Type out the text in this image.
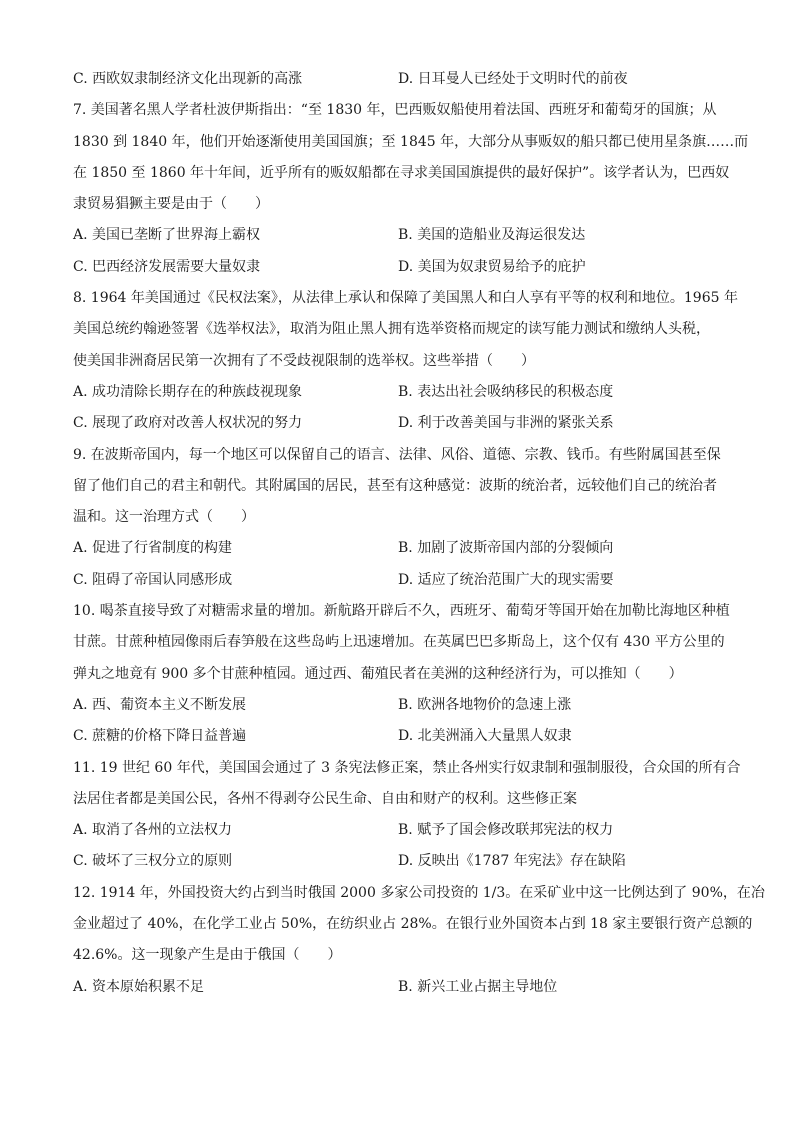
C. 西欧奴隶制经济文化出现新的高涨	D. 日耳曼人已经处于文明时代的前夜
7. 美国著名黑人学者杜波伊斯指出：“至 1830 年，巴西贩奴船使用着法国、西班牙和葡萄牙的国旗；从
1830 到 1840 年，他们开始逐渐使用美国国旗；至 1845 年，大部分从事贩奴的船只都已使用星条旗……而
在 1850 至 1860 年十年间，近乎所有的贩奴船都在寻求美国国旗提供的最好保护”。该学者认为，巴西奴
隶贸易猖獗主要是由于（　　）
A. 美国已垄断了世界海上霸权	B. 美国的造船业及海运很发达
C. 巴西经济发展需要大量奴隶	D. 美国为奴隶贸易给予的庇护
8. 1964 年美国通过《民权法案》，从法律上承认和保障了美国黑人和白人享有平等的权利和地位。1965 年
美国总统约翰逊签署《选举权法》，取消为阻止黑人拥有选举资格而规定的读写能力测试和缴纳人头税，
使美国非洲裔居民第一次拥有了不受歧视限制的选举权。这些举措（　　）
A. 成功清除长期存在的种族歧视现象	B. 表达出社会吸纳移民的积极态度
C. 展现了政府对改善人权状况的努力	D. 利于改善美国与非洲的紧张关系
9. 在波斯帝国内，每一个地区可以保留自己的语言、法律、风俗、道德、宗教、钱币。有些附属国甚至保
留了他们自己的君主和朝代。其附属国的居民，甚至有这种感觉：波斯的统治者，远较他们自己的统治者
温和。这一治理方式（　　）
A. 促进了行省制度的构建	B. 加剧了波斯帝国内部的分裂倾向
C. 阻碍了帝国认同感形成	D. 适应了统治范围广大的现实需要
10. 喝茶直接导致了对糖需求量的增加。新航路开辟后不久，西班牙、葡萄牙等国开始在加勒比海地区种植
甘蔗。甘蔗种植园像雨后春笋般在这些岛屿上迅速增加。在英属巴巴多斯岛上，这个仅有 430 平方公里的
弹丸之地竟有 900 多个甘蔗种植园。通过西、葡殖民者在美洲的这种经济行为，可以推知（　　）
A. 西、葡资本主义不断发展	B. 欧洲各地物价的急速上涨
C. 蔗糖的价格下降日益普遍	D. 北美洲涌入大量黑人奴隶
11. 19 世纪 60 年代，美国国会通过了 3 条宪法修正案，禁止各州实行奴隶制和强制服役，合众国的所有合
法居住者都是美国公民，各州不得剥夺公民生命、自由和财产的权利。这些修正案
A. 取消了各州的立法权力	B. 赋予了国会修改联邦宪法的权力
C. 破坏了三权分立的原则	D. 反映出《1787 年宪法》存在缺陷
12. 1914 年，外国投资大约占到当时俄国 2000 多家公司投资的 1/3。在采矿业中这一比例达到了 90%，在冶
金业超过了 40%，在化学工业占 50%，在纺织业占 28%。在银行业外国资本占到 18 家主要银行资产总额的
42.6%。这一现象产生是由于俄国（　　）
A. 资本原始积累不足	B. 新兴工业占据主导地位
